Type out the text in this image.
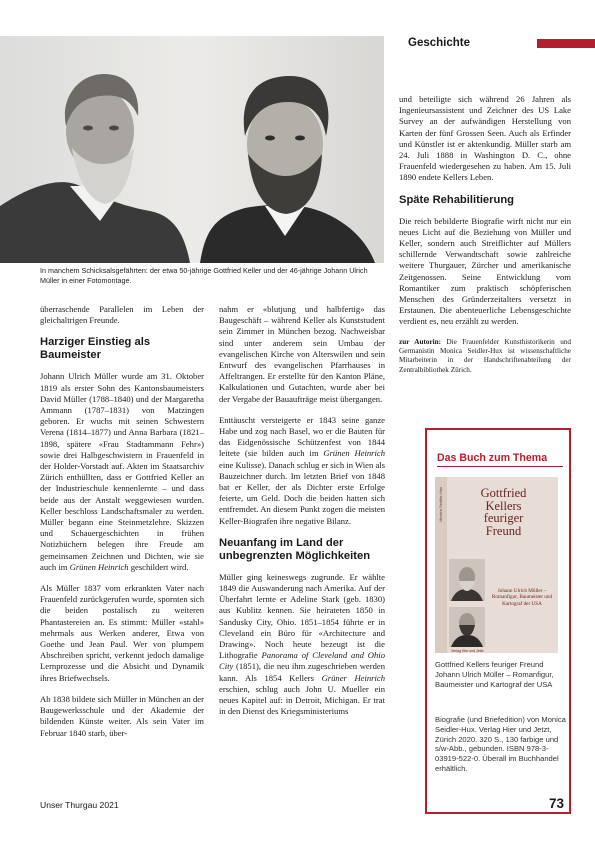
Geschichte
In manchem Schicksalsgefährten: der etwa 50-jährige Gottfried Keller und der 46-jährige Johann Ulrich Müller in einer Fotomontage.

überraschende Parallelen im Leben der gleichaltrigen Freunde.

Harziger Einstieg als Baumeister

Johann Ulrich Müller wurde am 31. Oktober 1819 als erster Sohn des Kantonsbaumeisters David Müller (1788–1840) und der Margaretha Ammann (1787–1831) von Matzingen geboren. Er wuchs mit seinen Schwestern Verena (1814–1877) und Anna Barbara (1821–1898, spätere «Frau Stadtammann Fehr») sowie drei Halbgeschwistern in Frauenfeld in der Holder-Vorstadt auf. Akten im Staatsarchiv Zürich enthüllten, dass er Gottfried Keller an der Industrieschule kennenlernte – und dass beide aus der Anstalt weggewiesen wurden. Keller beschloss Landschaftsmaler zu werden. Müller begann eine Steinmetzlehre. Skizzen und Schauergeschichten in frühen Notizbüchern belegen ihre Freude am gemeinsamen Zeichnen und Dichten, wie sie auch im Grünen Heinrich geschildert wird.

Als Müller 1837 vom erkrankten Vater nach Frauenfeld zurückgerufen wurde, spornten sich die beiden postalisch zu weiteren Phantastereien an. Es stimmt: Müller «stahl» mehrmals aus Werken anderer, Etwa von Goethe und Jean Paul. Wer von plumpem Abschreiben spricht, verkennt jedoch damalige Lernprozesse und die Absicht und Dynamik ihres Briefwechsels.

Ab 1838 bildete sich Müller in München an der Baugewerksschule und der Akademie der bildenden Künste weiter. Als sein Vater im Februar 1840 starb, über-

nahm er «blutjung und halbfertig» das Baugeschäft – während Keller als Kunststudent sein Zimmer in München bezog. Nachweisbar sind unter anderem sein Umbau der evangelischen Kirche von Alterswilen und sein Entwurf des evangelischen Pfarrhauses in Affeltrangen. Er erstellte für den Kanton Pläne, Kalkulationen und Gutachten, wurde aber bei der Vergabe der Bauaufträge meist übergangen.

Enttäuscht versteigerte er 1843 seine ganze Habe und zog nach Basel, wo er die Bauten für das Eidgenössische Schützenfest von 1844 leitete (sie bilden auch im Grünen Heinrich eine Kulisse). Danach schlug er sich in Wien als Bauzeichner durch. Im letzten Brief von 1848 bat er Keller, der als Dichter erste Erfolge feierte, um Geld. Doch die beiden hatten sich entfremdet. An diesem Punkt zogen die meisten Keller-Biografen ihre negative Bilanz.

Neuanfang im Land der unbegrenzten Möglichkeiten

Müller ging keineswegs zugrunde. Er wählte 1849 die Auswanderung nach Amerika. Auf der Überfahrt lernte er Adeline Stark (geb. 1830) aus Kublitz kennen. Sie heirateten 1850 in Sandusky City, Ohio. 1851–1854 führte er in Cleveland ein Büro für «Architecture and Drawing». Noch heute bezeugt ist die Lithografie Panorama of Cleveland and Ohio City (1851), die neu ihm zugeschrieben werden kann. Als 1854 Kellers Grüner Heinrich erschien, schlug auch John U. Mueller ein neues Kapitel auf: in Detroit, Michigan. Er trat in den Dienst des Kriegsministeriums

und beteiligte sich während 26 Jahren als Ingenieursassistent und Zeichner des US Lake Survey an der aufwändigen Herstellung von Karten der fünf Grossen Seen. Auch als Erfinder und Künstler ist er aktenkundig. Müller starb am 24. Juli 1888 in Washington D. C., ohne Frauenfeld wiedergesehen zu haben. Am 15. Juli 1890 endete Kellers Leben.

Späte Rehabilitierung

Die reich bebilderte Biografie wirft nicht nur ein neues Licht auf die Beziehung von Müller und Keller, sondern auch Streiflichter auf Müllers schillernde Verwandtschaft sowie zahlreiche weitere Thurgauer, Zürcher und amerikanische Zeitgenossen. Seine Entwicklung vom Romantiker zum praktisch schöpferischen Menschen des Gründerzeitalters versetzt in Erstaunen. Die abenteuerliche Lebensgeschichte verdient es, neu erzählt zu werden.

zur Autorin: Die Frauenfelder Kunsthistorikerin und Germanistin Monica Seidler-Hux ist wissenschaftliche Mitarbeiterin in der Handschriftenabteilung der Zentralbibliothek Zürich.

Das Buch zum Thema
Monica Seidler-Hux	Gottfried
Kellers
feuriger
Freund
Johann Ulrich Müller – Romanfigur, Baumeister und Kartograf der USA
Verlag Hier und Jetzt
Gottfried Kellers feuriger Freund Johann Ulrich Müller – Romanfigur, Baumeister und Kartograf der USA
Biografie (und Briefedition) von Monica Seidler-Hux. Verlag Hier und Jetzt, Zürich 2020. 320 S., 130 farbige und s/w-Abb., gebunden. ISBN 978-3-03919-522-0. Überall im Buchhandel erhältlich.
Unser Thurgau 2021	73
